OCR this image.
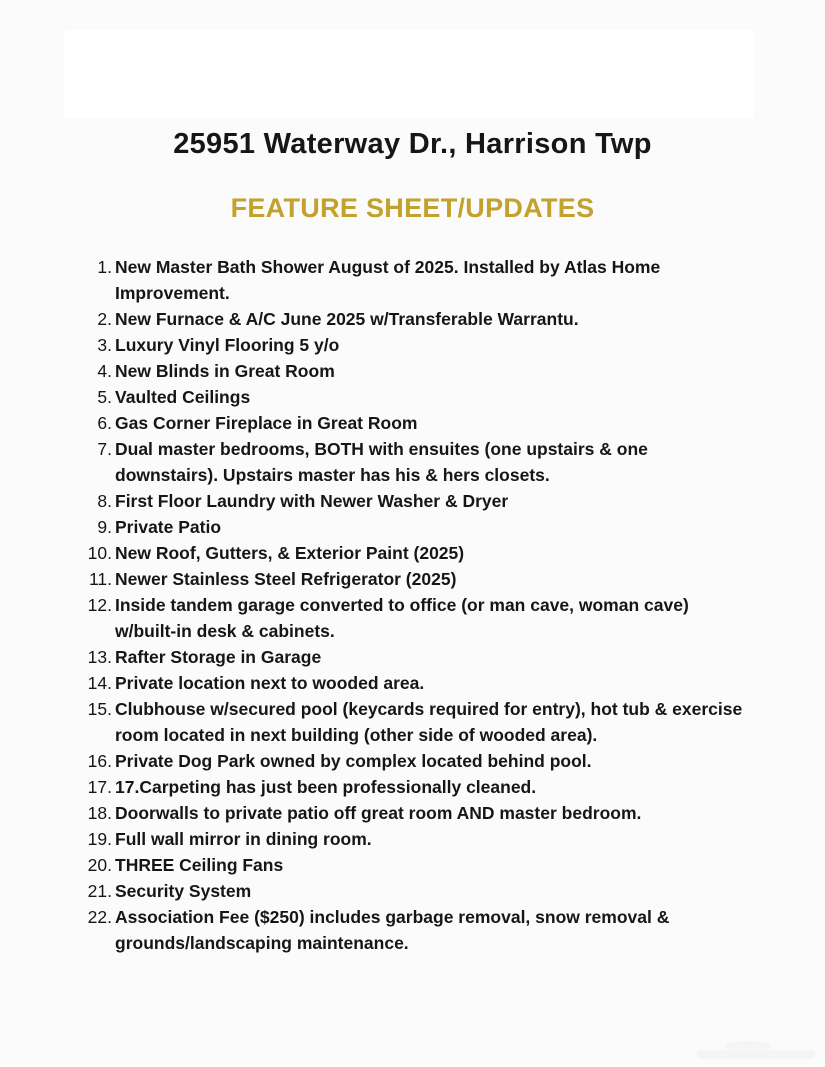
25951 Waterway Dr., Harrison Twp
FEATURE SHEET/UPDATES
1. New Master Bath Shower August of 2025. Installed by Atlas Home Improvement.
2. New Furnace & A/C June 2025 w/Transferable Warrantu.
3. Luxury Vinyl Flooring 5 y/o
4. New Blinds in Great Room
5. Vaulted Ceilings
6. Gas Corner Fireplace in Great Room
7. Dual master bedrooms, BOTH with ensuites (one upstairs & one downstairs). Upstairs master has his & hers closets.
8. First Floor Laundry with Newer Washer & Dryer
9. Private Patio
10. New Roof, Gutters, & Exterior Paint (2025)
11. Newer Stainless Steel Refrigerator (2025)
12. Inside tandem garage converted to office (or man cave, woman cave) w/built-in desk & cabinets.
13. Rafter Storage in Garage
14. Private location next to wooded area.
15. Clubhouse w/secured pool (keycards required for entry), hot tub & exercise room located in next building (other side of wooded area).
16. Private Dog Park owned by complex located behind pool.
17. 17.Carpeting has just been professionally cleaned.
18. Doorwalls to private patio off great room AND master bedroom.
19. Full wall mirror in dining room.
20. THREE Ceiling Fans
21. Security System
22. Association Fee ($250) includes garbage removal, snow removal & grounds/landscaping maintenance.
